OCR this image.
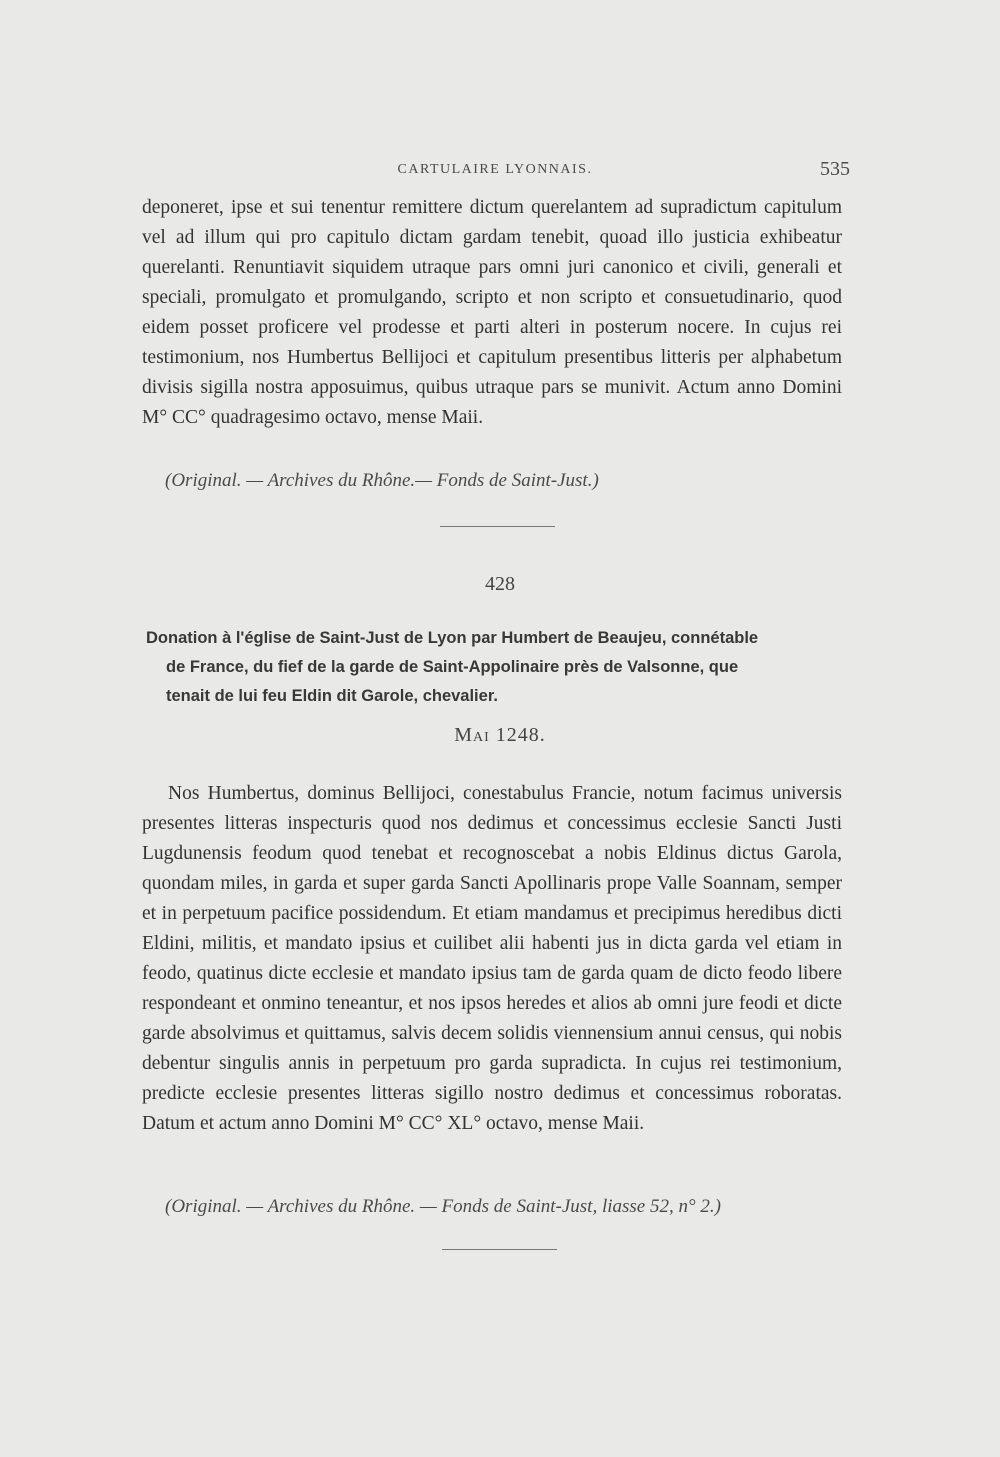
CARTULAIRE LYONNAIS.	535

deponeret, ipse et sui tenentur remittere dictum querelantem ad supradictum capitulum vel ad illum qui pro capitulo dictam gardam tenebit, quoad illo justicia exhibeatur querelanti. Renuntiavit siquidem utraque pars omni juri canonico et civili, generali et speciali, promulgato et promulgando, scripto et non scripto et consuetudinario, quod eidem posset proficere vel prodesse et parti alteri in posterum nocere. In cujus rei testimonium, nos Humbertus Bellijoci et capitulum presentibus litteris per alphabetum divisis sigilla nostra apposuimus, quibus utraque pars se munivit. Actum anno Domini M° CC° quadragesimo octavo, mense Maii.

(Original. — Archives du Rhône.— Fonds de Saint-Just.)
428
Donation à l'église de Saint-Just de Lyon par Humbert de Beaujeu, connétable
de France, du fief de la garde de Saint-Appolinaire près de Valsonne, que
tenait de lui feu Eldin dit Garole, chevalier.
Mai 1248.

Nos Humbertus, dominus Bellijoci, conestabulus Francie, notum facimus universis presentes litteras inspecturis quod nos dedimus et concessimus ecclesie Sancti Justi Lugdunensis feodum quod tenebat et recognoscebat a nobis Eldinus dictus Garola, quondam miles, in garda et super garda Sancti Apollinaris prope Valle Soannam, semper et in perpetuum pacifice possidendum. Et etiam mandamus et precipimus heredibus dicti Eldini, militis, et mandato ipsius et cuilibet alii habenti jus in dicta garda vel etiam in feodo, quatinus dicte ecclesie et mandato ipsius tam de garda quam de dicto feodo libere respondeant et onmino teneantur, et nos ipsos heredes et alios ab omni jure feodi et dicte garde absolvimus et quittamus, salvis decem solidis viennensium annui census, qui nobis debentur singulis annis in perpetuum pro garda supradicta. In cujus rei testimonium, predicte ecclesie presentes litteras sigillo nostro dedimus et concessimus roboratas. Datum et actum anno Domini M° CC° XL° octavo, mense Maii.

(Original. — Archives du Rhône. — Fonds de Saint-Just, liasse 52, n° 2.)
